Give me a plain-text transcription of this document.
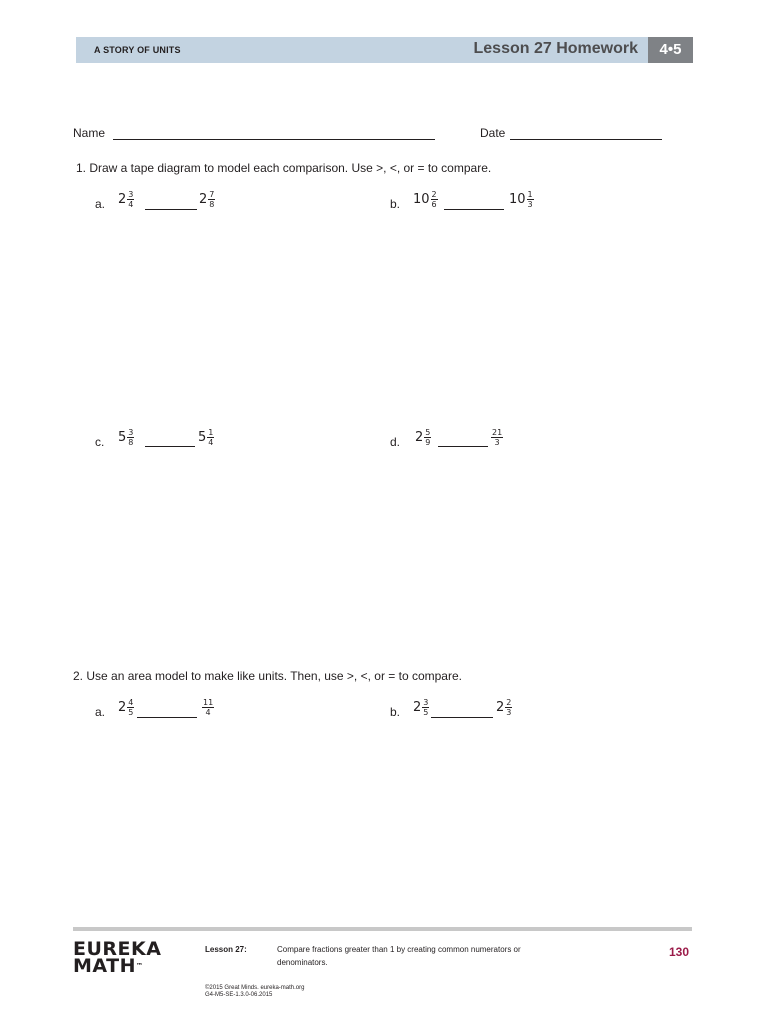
A STORY OF UNITS	Lesson 27 Homework	4•5
Name	Date
1. Draw a tape diagram to model each comparison. Use >, <, or = to compare.
a. $2 \frac{3}{4}$	$2 \frac{7}{8}$	b. $10 \frac{2}{6}$	$10 \frac{1}{3}$
c. $5 \frac{3}{8}$	$5 \frac{1}{4}$	d. $2 \frac{5}{9}$	$\frac{21}{3}$
2. Use an area model to make like units. Then, use >, <, or = to compare.
a. $2 \frac{4}{5}$	$\frac{11}{4}$	b. $2 \frac{3}{5}$	$2 \frac{2}{3}$
EUREKA
MATH™
Lesson 27:	Compare fractions greater than 1 by creating common numerators or
denominators.
130
©2015 Great Minds. eureka-math.org
G4-M5-SE-1.3.0-06.2015
